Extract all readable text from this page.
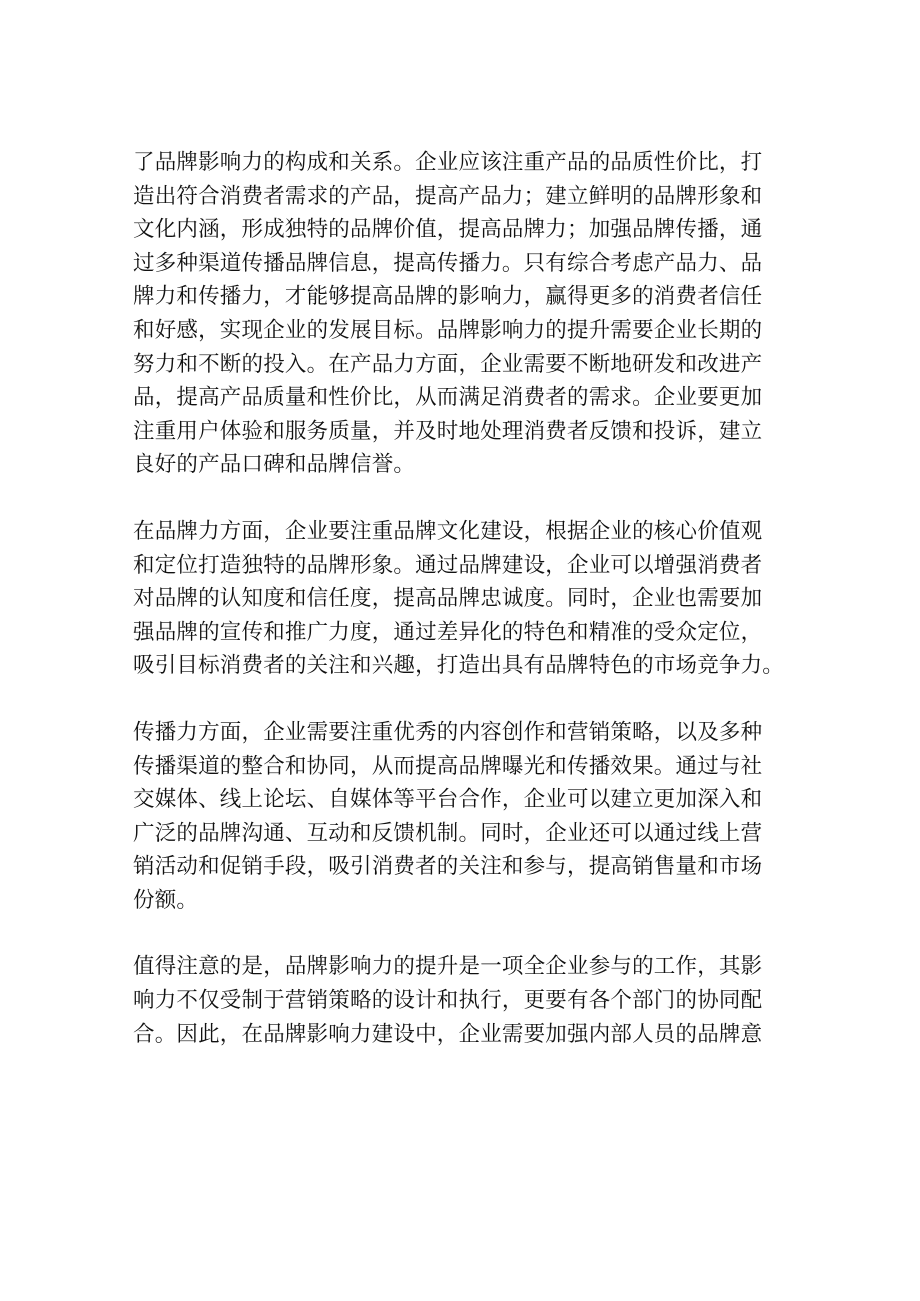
了品牌影响力的构成和关系。企业应该注重产品的品质性价比，打
造出符合消费者需求的产品，提高产品力；建立鲜明的品牌形象和
文化内涵，形成独特的品牌价值，提高品牌力；加强品牌传播，通
过多种渠道传播品牌信息，提高传播力。只有综合考虑产品力、品
牌力和传播力，才能够提高品牌的影响力，赢得更多的消费者信任
和好感，实现企业的发展目标。品牌影响力的提升需要企业长期的
努力和不断的投入。在产品力方面，企业需要不断地研发和改进产
品，提高产品质量和性价比，从而满足消费者的需求。企业要更加
注重用户体验和服务质量，并及时地处理消费者反馈和投诉，建立
良好的产品口碑和品牌信誉。

在品牌力方面，企业要注重品牌文化建设，根据企业的核心价值观
和定位打造独特的品牌形象。通过品牌建设，企业可以增强消费者
对品牌的认知度和信任度，提高品牌忠诚度。同时，企业也需要加
强品牌的宣传和推广力度，通过差异化的特色和精准的受众定位，
吸引目标消费者的关注和兴趣，打造出具有品牌特色的市场竞争力。

传播力方面，企业需要注重优秀的内容创作和营销策略，以及多种
传播渠道的整合和协同，从而提高品牌曝光和传播效果。通过与社
交媒体、线上论坛、自媒体等平台合作，企业可以建立更加深入和
广泛的品牌沟通、互动和反馈机制。同时，企业还可以通过线上营
销活动和促销手段，吸引消费者的关注和参与，提高销售量和市场
份额。

值得注意的是，品牌影响力的提升是一项全企业参与的工作，其影
响力不仅受制于营销策略的设计和执行，更要有各个部门的协同配
合。因此，在品牌影响力建设中，企业需要加强内部人员的品牌意
